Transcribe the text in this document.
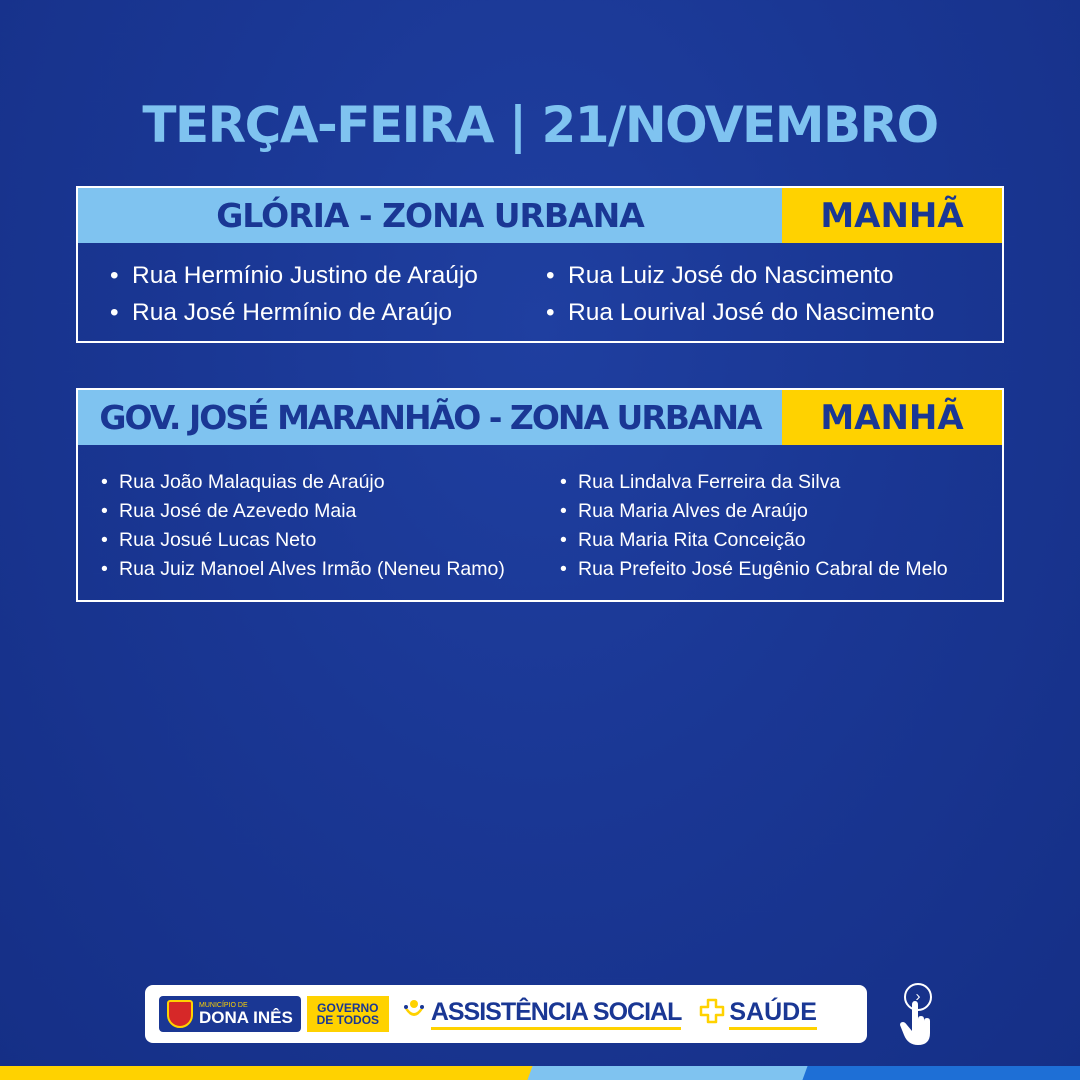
TERÇA-FEIRA | 21/NOVEMBRO
GLÓRIA - ZONA URBANA	MANHÃ
• Rua Hermínio Justino de Araújo
• Rua José Hermínio de Araújo
• Rua Luiz José do Nascimento
• Rua Lourival José do Nascimento
GOV. JOSÉ MARANHÃO - ZONA URBANA	MANHÃ
• Rua João Malaquias de Araújo
• Rua José de Azevedo Maia
• Rua Josué Lucas Neto
• Rua Juiz Manoel Alves Irmão (Neneu Ramo)
• Rua Lindalva Ferreira da Silva
• Rua Maria Alves de Araújo
• Rua Maria Rita Conceição
• Rua Prefeito José Eugênio Cabral de Melo
MUNICÍPIO DE
DONA INÊS	GOVERNO DE TODOS	ASSISTÊNCIA SOCIAL SAÚDE
›
